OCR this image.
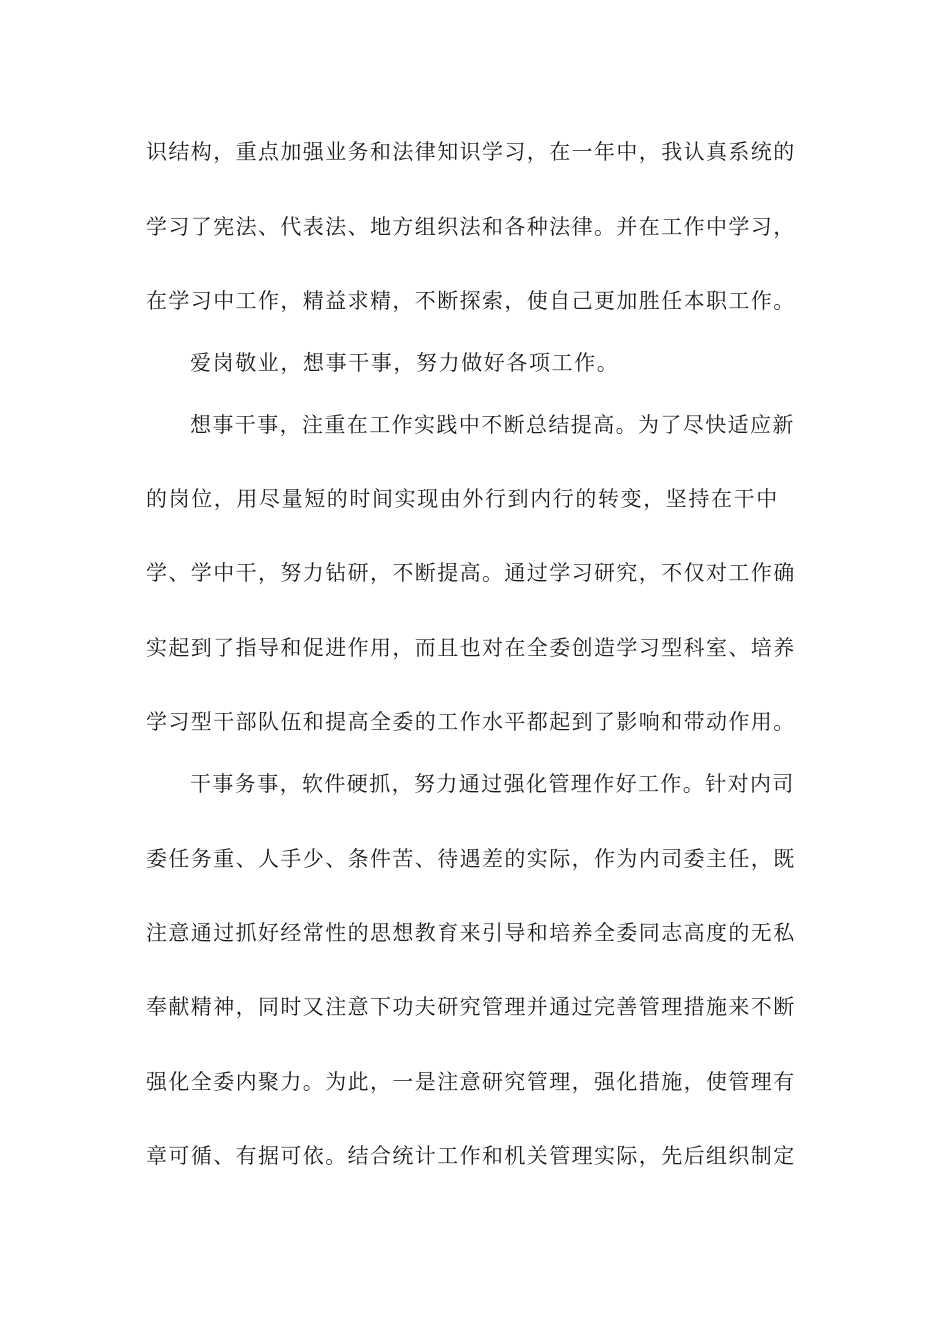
识结构，重点加强业务和法律知识学习，在一年中，我认真系统的
学习了宪法、代表法、地方组织法和各种法律。并在工作中学习，
在学习中工作，精益求精，不断探索，使自己更加胜任本职工作。
爱岗敬业，想事干事，努力做好各项工作。
想事干事，注重在工作实践中不断总结提高。为了尽快适应新
的岗位，用尽量短的时间实现由外行到内行的转变，坚持在干中
学、学中干，努力钻研，不断提高。通过学习研究，不仅对工作确
实起到了指导和促进作用，而且也对在全委创造学习型科室、培养
学习型干部队伍和提高全委的工作水平都起到了影响和带动作用。
干事务事，软件硬抓，努力通过强化管理作好工作。针对内司
委任务重、人手少、条件苦、待遇差的实际，作为内司委主任，既
注意通过抓好经常性的思想教育来引导和培养全委同志高度的无私
奉献精神，同时又注意下功夫研究管理并通过完善管理措施来不断
强化全委内聚力。为此，一是注意研究管理，强化措施，使管理有
章可循、有据可依。结合统计工作和机关管理实际，先后组织制定
